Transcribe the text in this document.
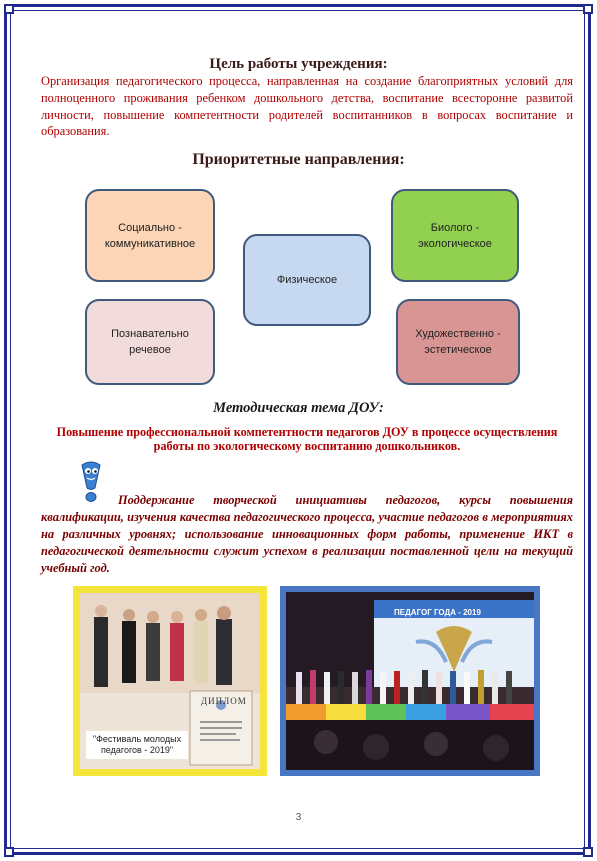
Цель работы учреждения:
Организация педагогического процесса, направленная на создание благоприятных условий для полноценного проживания ребенком дошкольного детства, воспитание всесторонне развитой личности, повышение компетентности родителей воспитанников в вопросах воспитание и образования.
Приоритетные направления:
Социально - коммуникативное
Биолого - экологическое
Физическое
Познавательно речевое
Художественно - эстетическое
Методическая тема ДОУ:
Повышение профессиональной компетентности педагогов ДОУ в процессе осуществления работы по экологическому воспитанию дошкольников.
Поддержание творческой инициативы педагогов, курсы повышения квалификации, изучения качества педагогического процесса, участие педагогов в мероприятиях на различных уровнях; использование инновационных форм работы, применение ИКТ в педагогической деятельности служит успехом в реализации поставленной цели на текущий учебный год.
ДИПЛОМ
"Фестиваль молодых педагогов - 2019"
ПЕДАГОГ ГОДА - 2019
3
